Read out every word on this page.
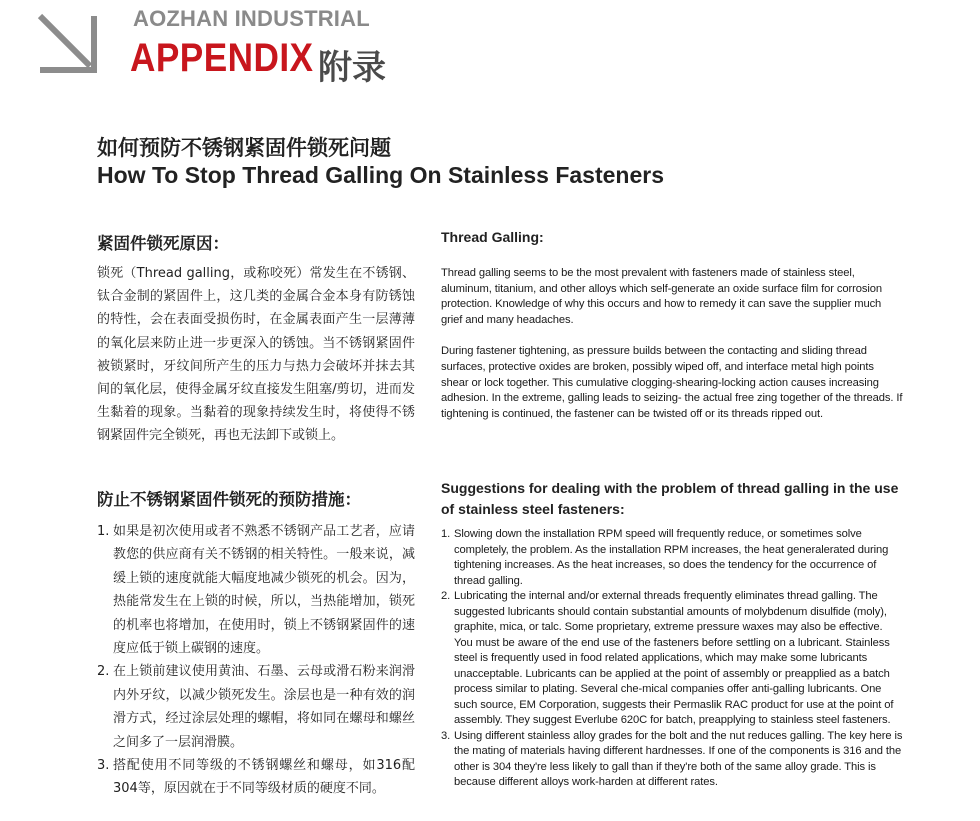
AOZHAN INDUSTRIAL
APPENDIX 附录
如何预防不锈钢紧固件锁死问题
How To Stop Thread Galling On Stainless Fasteners
紧固件锁死原因：

锁死（Thread galling，或称咬死）常发生在不锈钢、钛合金制的紧固件上，这几类的金属合金本身有防锈蚀的特性，会在表面受损伤时，在金属表面产生一层薄薄的氧化层来防止进一步更深入的锈蚀。当不锈钢紧固件被锁紧时，牙纹间所产生的压力与热力会破坏并抹去其间的氧化层，使得金属牙纹直接发生阻塞/剪切，进而发生黏着的现象。当黏着的现象持续发生时，将使得不锈钢紧固件完全锁死，再也无法卸下或锁上。

Thread Galling:

Thread galling seems to be the most prevalent with fasteners made of stainless steel, aluminum, titanium, and other alloys which self-generate an oxide surface film for corrosion protection. Knowledge of why this occurs and how to remedy it can save the supplier much grief and many headaches.

During fastener tightening, as pressure builds between the contacting and sliding thread surfaces, protective oxides are broken, possibly wiped off, and interface metal high points shear or lock together. This cumulative clogging-shearing-locking action causes increasing adhesion. In the extreme, galling leads to seizing- the actual free zing together of the threads. If tightening is continued, the fastener can be twisted off or its threads ripped out.

防止不锈钢紧固件锁死的预防措施：
1. 如果是初次使用或者不熟悉不锈钢产品工艺者，应请教您的供应商有关不锈钢的相关特性。一般来说，减缓上锁的速度就能大幅度地减少锁死的机会。因为，热能常发生在上锁的时候，所以，当热能增加，锁死的机率也将增加，在使用时，锁上不锈钢紧固件的速度应低于锁上碳钢的速度。
2. 在上锁前建议使用黄油、石墨、云母或滑石粉来润滑内外牙纹，以减少锁死发生。涂层也是一种有效的润滑方式，经过涂层处理的螺帽，将如同在螺母和螺丝之间多了一层润滑膜。
3. 搭配使用不同等级的不锈钢螺丝和螺母，如316配304等，原因就在于不同等级材质的硬度不同。
Suggestions for dealing with the problem of thread galling in the use of stainless steel fasteners:
1. Slowing down the installation RPM speed will frequently reduce, or sometimes solve completely, the problem. As the installation RPM increases, the heat generalerated during tightening increases. As the heat increases, so does the tendency for the occurrence of thread galling.
2. Lubricating the internal and/or external threads frequently eliminates thread galling. The suggested lubricants should contain substantial amounts of molybdenum disulfide (moly), graphite, mica, or talc. Some proprietary, extreme pressure waxes may also be effective. You must be aware of the end use of the fasteners before settling on a lubricant. Stainless steel is frequently used in food related applications, which may make some lubricants unacceptable. Lubricants can be applied at the point of assembly or preapplied as a batch process similar to plating. Several che-mical companies offer anti-galling lubricants. One such source, EM Corporation, suggests their Permaslik RAC product for use at the point of assembly. They suggest Everlube 620C for batch, preapplying to stainless steel fasteners.
3. Using different stainless alloy grades for the bolt and the nut reduces galling. The key here is the mating of materials having different hardnesses. If one of the components is 316 and the other is 304 they're less likely to gall than if they're both of the same alloy grade. This is because different alloys work-harden at different rates.
